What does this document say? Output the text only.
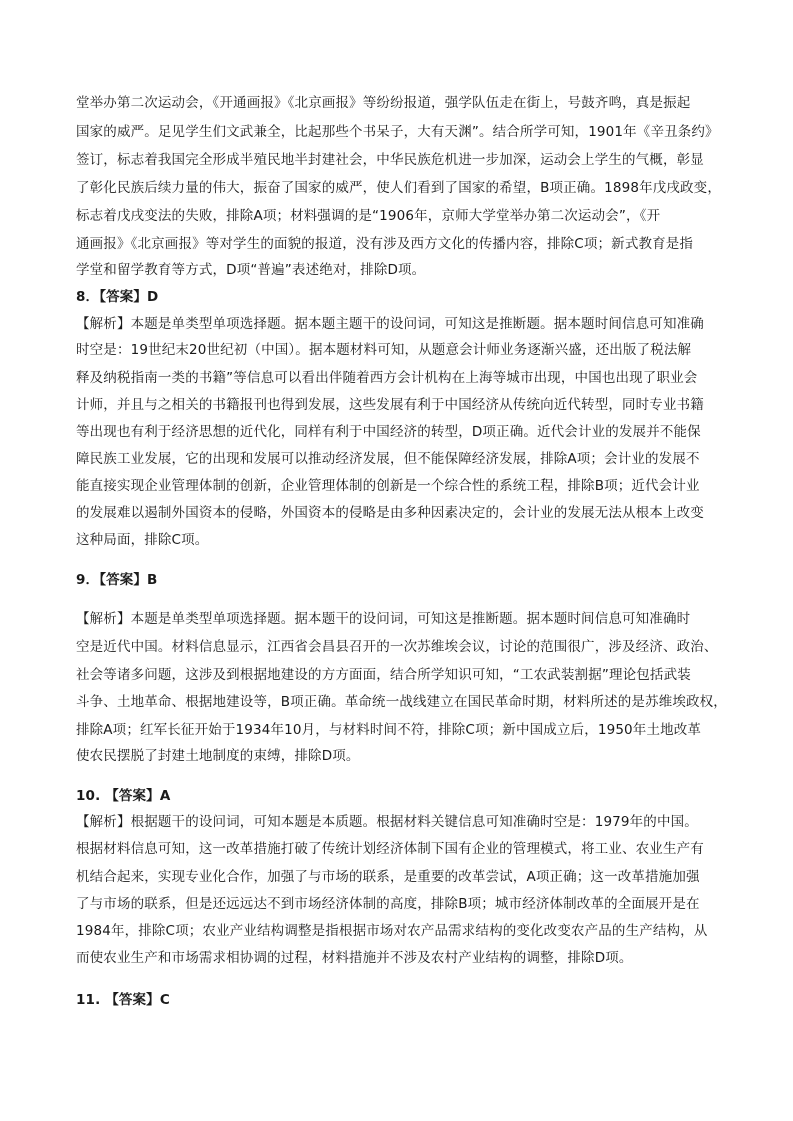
堂举办第二次运动会，《开通画报》《北京画报》等纷纷报道，强学队伍走在街上，号鼓齐鸣，真是振起
国家的威严。足见学生们文武兼全，比起那些个书呆子，大有天渊”。结合所学可知，1901年《辛丑条约》
签订，标志着我国完全形成半殖民地半封建社会，中华民族危机进一步加深，运动会上学生的气概，彰显
了彰化民族后续力量的伟大，振奋了国家的威严，使人们看到了国家的希望，B项正确。1898年戊戌政变，
标志着戊戌变法的失败，排除A项；材料强调的是“1906年，京师大学堂举办第二次运动会”，《开
通画报》《北京画报》等对学生的面貌的报道，没有涉及西方文化的传播内容，排除C项；新式教育是指
学堂和留学教育等方式，D项“普遍”表述绝对，排除D项。
8．【答案】D
【解析】本题是单类型单项选择题。据本题主题干的设问词，可知这是推断题。据本题时间信息可知准确
时空是：19世纪末20世纪初（中国）。据本题材料可知，从题意会计师业务逐渐兴盛，还出版了税法解
释及纳税指南一类的书籍”等信息可以看出伴随着西方会计机构在上海等城市出现，中国也出现了职业会
计师，并且与之相关的书籍报刊也得到发展，这些发展有利于中国经济从传统向近代转型，同时专业书籍
等出现也有利于经济思想的近代化，同样有利于中国经济的转型，D项正确。近代会计业的发展并不能保
障民族工业发展，它的出现和发展可以推动经济发展，但不能保障经济发展，排除A项；会计业的发展不
能直接实现企业管理体制的创新，企业管理体制的创新是一个综合性的系统工程，排除B项；近代会计业
的发展难以遏制外国资本的侵略，外国资本的侵略是由多种因素决定的，会计业的发展无法从根本上改变
这种局面，排除C项。
9．【答案】B
【解析】本题是单类型单项选择题。据本题干的设问词，可知这是推断题。据本题时间信息可知准确时
空是近代中国。材料信息显示，江西省会昌县召开的一次苏维埃会议，讨论的范围很广，涉及经济、政治、
社会等诸多问题，这涉及到根据地建设的方方面面，结合所学知识可知，“工农武装割据”理论包括武装
斗争、土地革命、根据地建设等，B项正确。革命统一战线建立在国民革命时期，材料所述的是苏维埃政权，
排除A项；红军长征开始于1934年10月，与材料时间不符，排除C项；新中国成立后，1950年土地改革
使农民摆脱了封建土地制度的束缚，排除D项。
10. 【答案】A
【解析】根据题干的设问词，可知本题是本质题。根据材料关键信息可知准确时空是：1979年的中国。
根据材料信息可知，这一改革措施打破了传统计划经济体制下国有企业的管理模式，将工业、农业生产有
机结合起来，实现专业化合作，加强了与市场的联系，是重要的改革尝试，A项正确；这一改革措施加强
了与市场的联系，但是还远远达不到市场经济体制的高度，排除B项；城市经济体制改革的全面展开是在
1984年，排除C项；农业产业结构调整是指根据市场对农产品需求结构的变化改变农产品的生产结构，从
而使农业生产和市场需求相协调的过程，材料措施并不涉及农村产业结构的调整，排除D项。
11. 【答案】C
